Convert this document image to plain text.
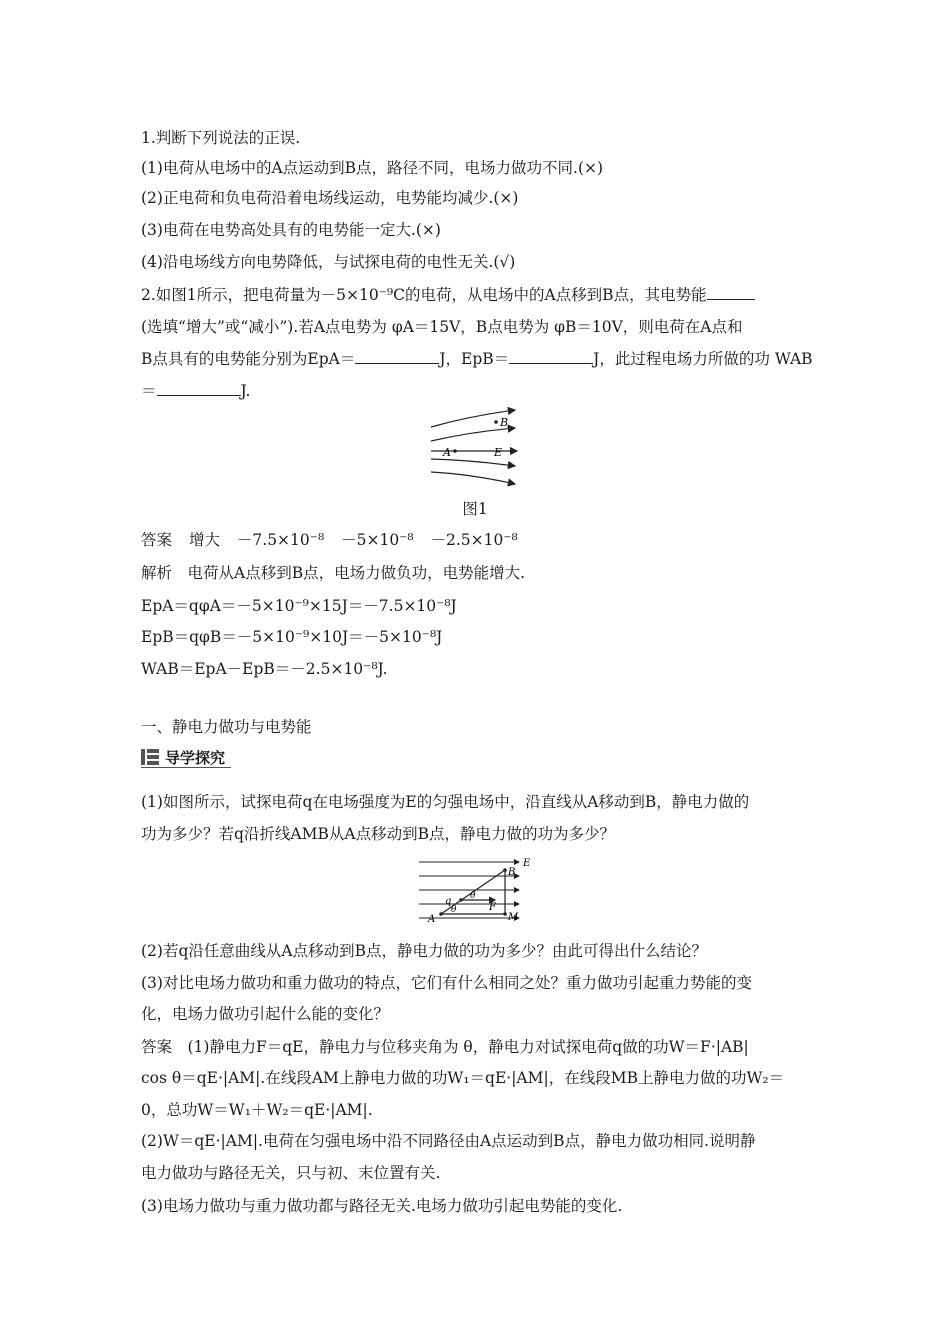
1.判断下列说法的正误.
(1)电荷从电场中的A点运动到B点，路径不同，电场力做功不同.(×)
(2)正电荷和负电荷沿着电场线运动，电势能均减少.(×)
(3)电荷在电势高处具有的电势能一定大.(×)
(4)沿电场线方向电势降低，与试探电荷的电性无关.(√)
2.如图1所示，把电荷量为－5×10⁻⁹C的电荷，从电场中的A点移到B点，其电势能
(选填“增大”或“减小”).若A点电势为 φA＝15V，B点电势为 φB＝10V，则电荷在A点和
B点具有的电势能分别为EpA＝	J，EpB＝	J，此过程电场力所做的功 WAB
＝	J.
B
A	E
图1
答案 增大 －7.5×10⁻⁸ －5×10⁻⁸ －2.5×10⁻⁸
解析　电荷从A点移到B点，电场力做负功，电势能增大.
EpA＝qφA＝－5×10⁻⁹×15J＝－7.5×10⁻⁸J
EpB＝qφB＝－5×10⁻⁹×10J＝－5×10⁻⁸J
WAB＝EpA－EpB＝－2.5×10⁻⁸J.
一、静电力做功与电势能
导学探究
(1)如图所示，试探电荷q在电场强度为E的匀强电场中，沿直线从A移动到B，静电力做的
功为多少？若q沿折线AMB从A点移动到B点，静电力做的功为多少？
E
B
q θ
F
A
θ
M
(2)若q沿任意曲线从A点移动到B点，静电力做的功为多少？由此可得出什么结论？
(3)对比电场力做功和重力做功的特点，它们有什么相同之处？重力做功引起重力势能的变
化，电场力做功引起什么能的变化？
答案　(1)静电力F＝qE，静电力与位移夹角为 θ，静电力对试探电荷q做的功W＝F·|AB|
cos θ＝qE·|AM|.在线段AM上静电力做的功W₁＝qE·|AM|，在线段MB上静电力做的功W₂＝
0，总功W＝W₁＋W₂＝qE·|AM|.
(2)W＝qE·|AM|.电荷在匀强电场中沿不同路径由A点运动到B点，静电力做功相同.说明静
电力做功与路径无关，只与初、末位置有关.
(3)电场力做功与重力做功都与路径无关.电场力做功引起电势能的变化.
